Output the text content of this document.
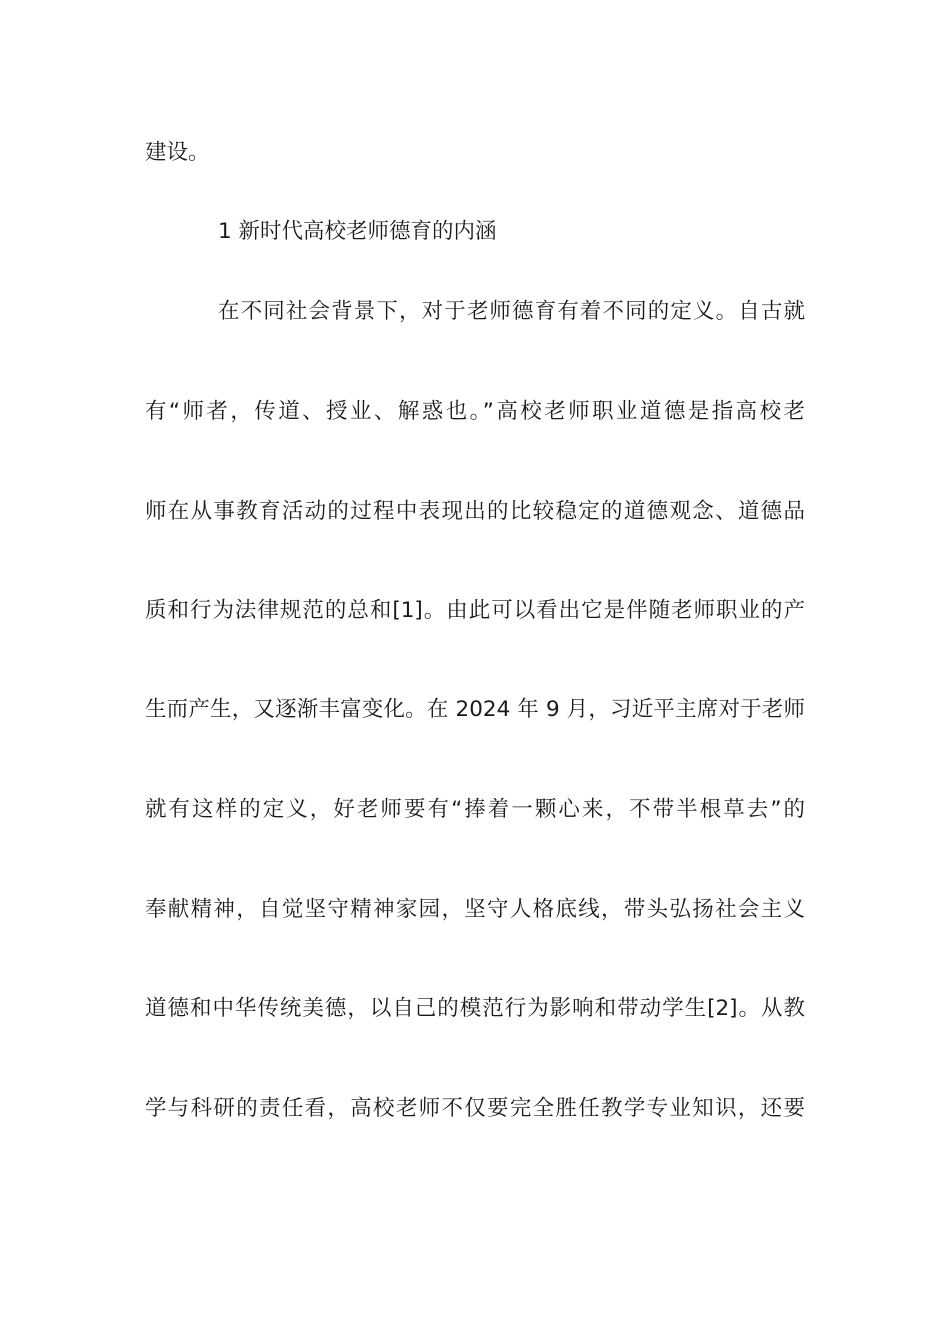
建设。
1 新时代高校老师德育的内涵
在不同社会背景下，对于老师德育有着不同的定义。自古就
有“师者，传道、授业、解惑也。”高校老师职业道德是指高校老
师在从事教育活动的过程中表现出的比较稳定的道德观念、道德品
质和行为法律规范的总和[1]。由此可以看出它是伴随老师职业的产
生而产生，又逐渐丰富变化。在 2024 年 9 月，习近平主席对于老师
就有这样的定义，好老师要有“捧着一颗心来，不带半根草去”的
奉献精神，自觉坚守精神家园，坚守人格底线，带头弘扬社会主义
道德和中华传统美德，以自己的模范行为影响和带动学生[2]。从教
学与科研的责任看，高校老师不仅要完全胜任教学专业知识，还要
